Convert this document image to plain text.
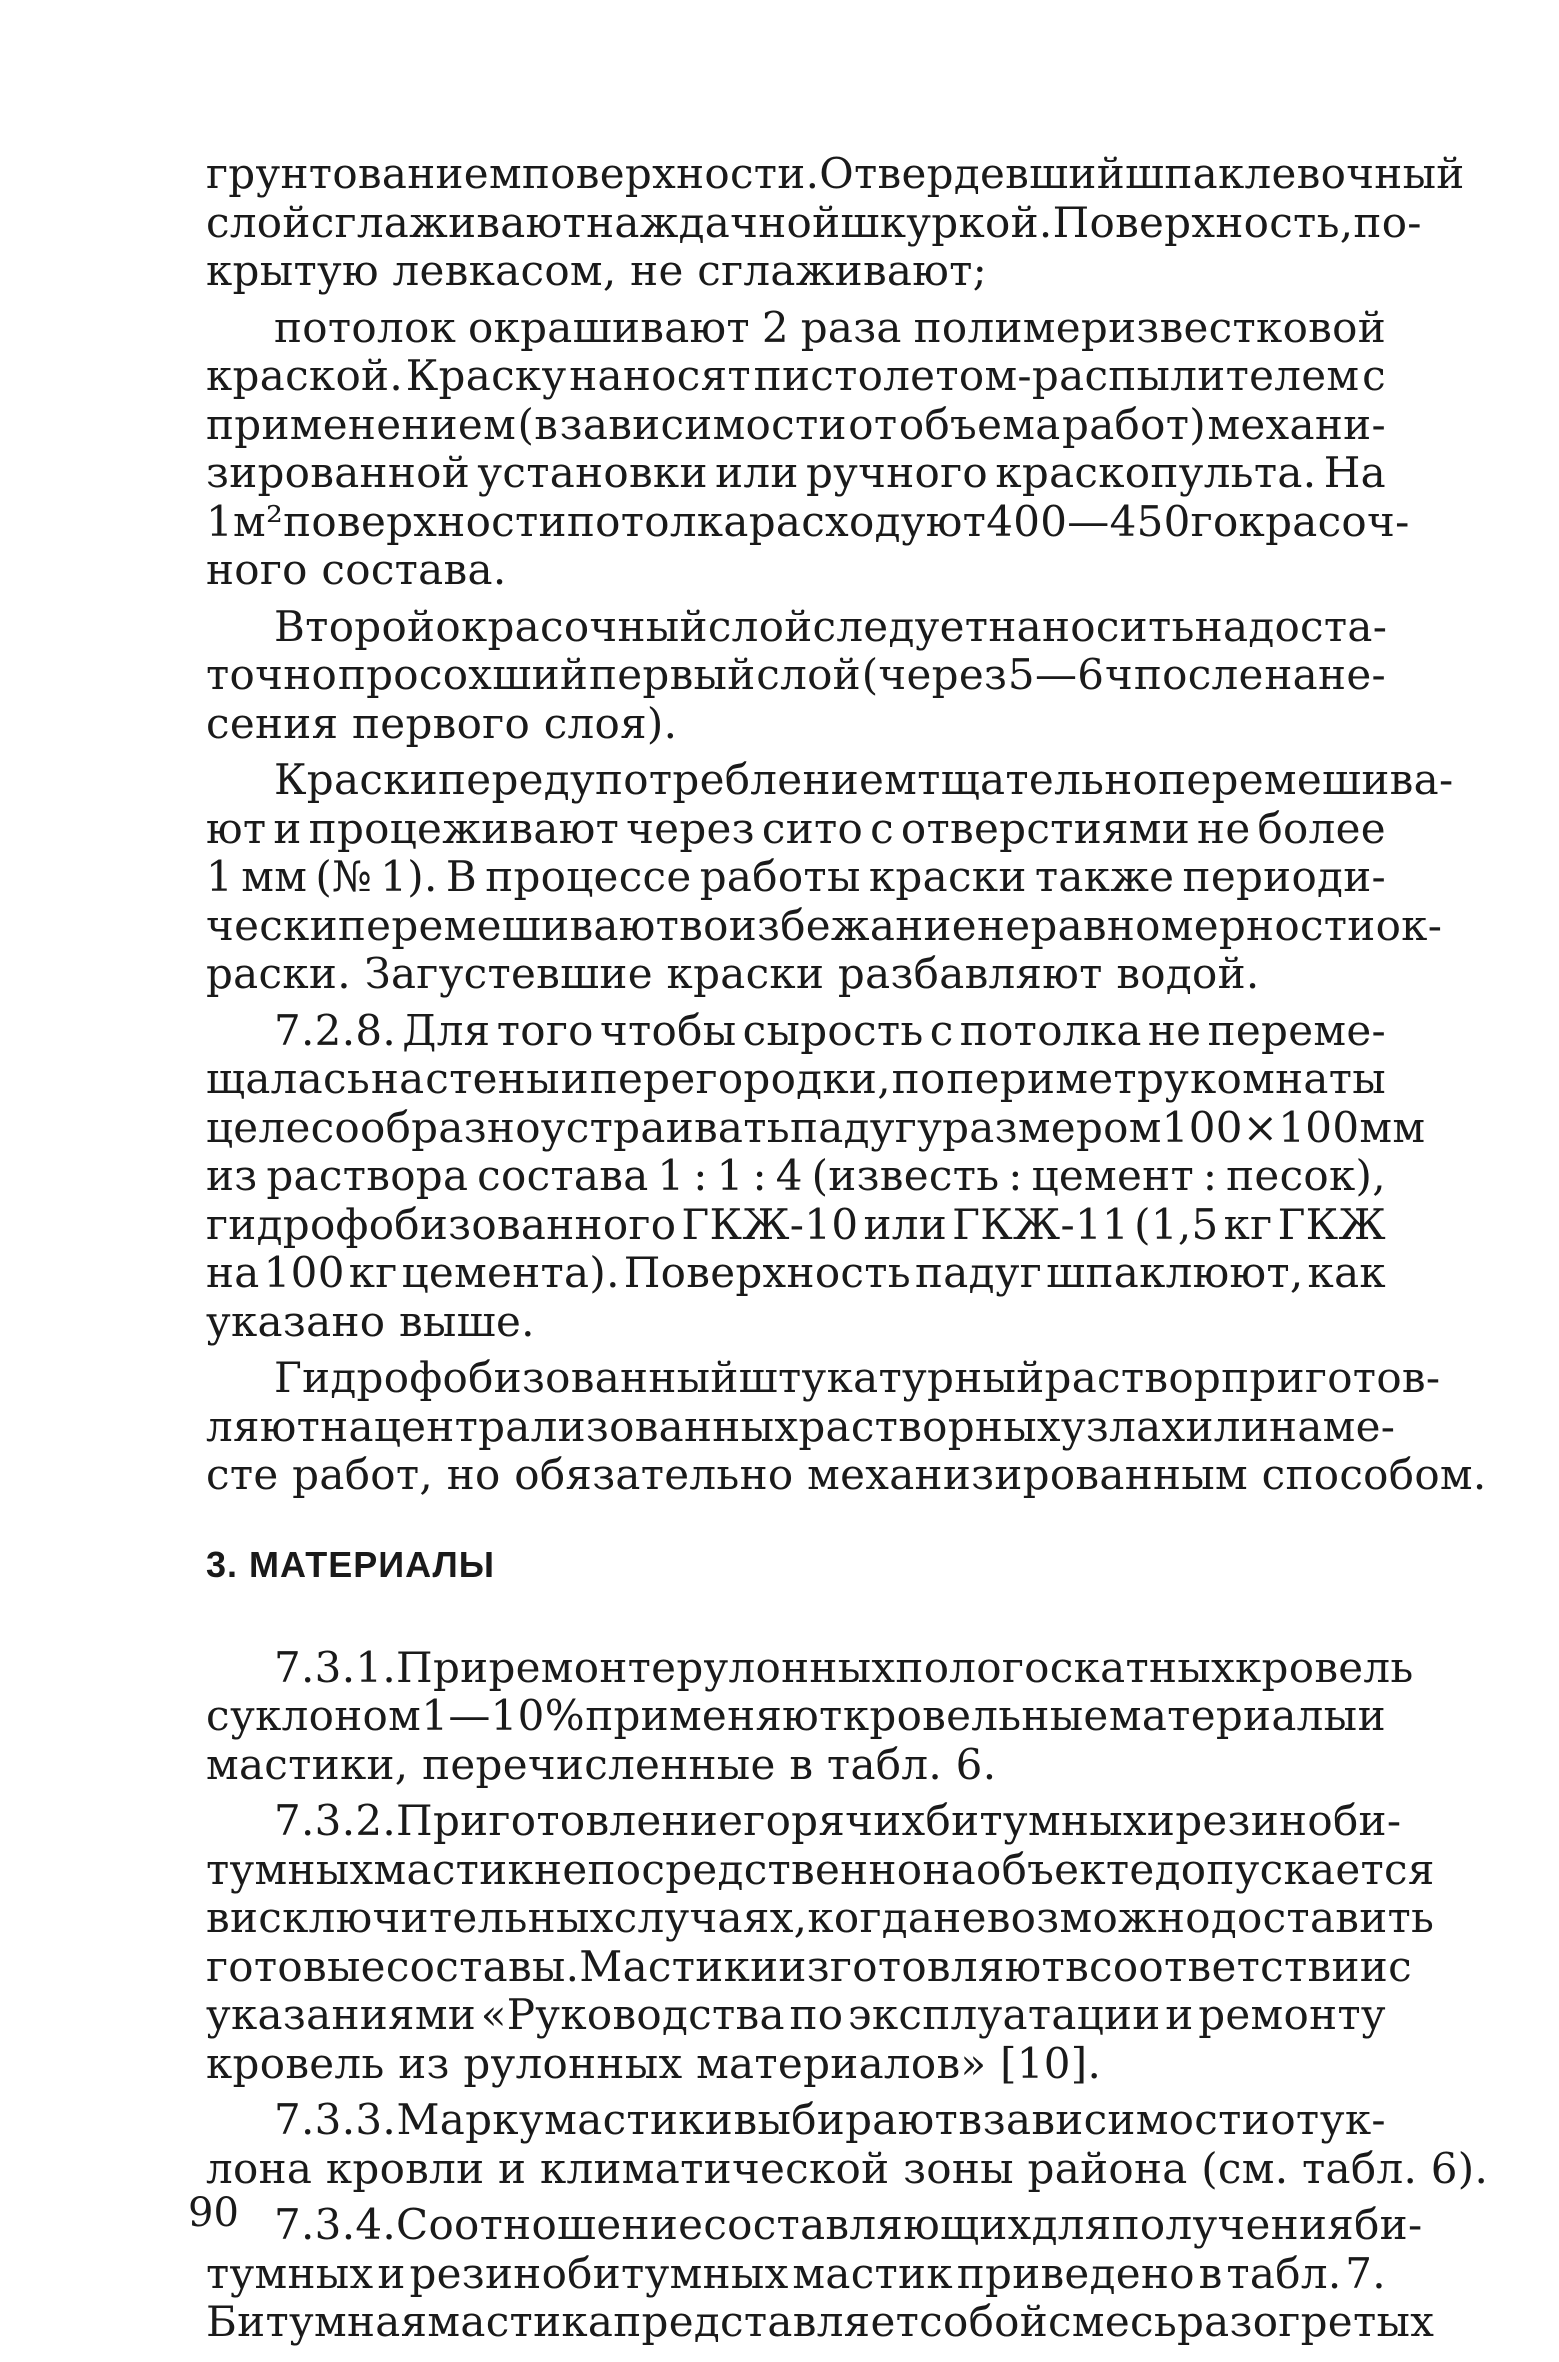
грунтованием поверхности. Отвердевший шпаклевочный
слой сглаживают наждачной шкуркой. Поверхность, по-
крытую левкасом, не сглаживают;
потолок окрашивают 2 раза полимеризвестковой
краской. Краску наносят пистолетом-распылителем с
применением (в зависимости от объема работ) механи-
зированной установки или ручного краскопульта. На
1 м² поверхности потолка расходуют 400—450 г окрасоч-
ного состава.
Второй окрасочный слой следует наносить на доста-
точно просохший первый слой (через 5—6 ч после нане-
сения первого слоя).
Краски перед употреблением тщательно перемешива-
ют и процеживают через сито с отверстиями не более
1 мм (№ 1). В процессе работы краски также периоди-
чески перемешивают во избежание неравномерности ок-
раски. Загустевшие краски разбавляют водой.
7.2.8. Для того чтобы сырость с потолка не переме-
щалась на стены и перегородки, по периметру комнаты
целесообразно устраивать падугу размером 100×100 мм
из раствора состава 1 : 1 : 4 (известь : цемент : песок),
гидрофобизованного ГКЖ-10 или ГКЖ-11 (1,5 кг ГКЖ
на 100 кг цемента). Поверхность падуг шпаклюют, как
указано выше.
Гидрофобизованный штукатурный раствор приготов-
ляют на централизованных растворных узлах или на ме-
сте работ, но обязательно механизированным способом.
3. МАТЕРИАЛЫ
7.3.1. При ремонте рулонных пологоскатных кровель
с уклоном 1—10% применяют кровельные материалы и
мастики, перечисленные в табл. 6.
7.3.2. Приготовление горячих битумных и резиноби-
тумных мастик непосредственно на объекте допускается
в исключительных случаях, когда невозможно доставить
готовые составы. Мастики изготовляют в соответствии с
указаниями «Руководства по эксплуатации и ремонту
кровель из рулонных материалов» [10].
7.3.3. Марку мастики выбирают в зависимости от ук-
лона кровли и климатической зоны района (см. табл. 6).
7.3.4. Соотношение составляющих для получения би-
тумных и резинобитумных мастик приведено в табл. 7.
Битумная мастика представляет собой смесь разогретых
90
